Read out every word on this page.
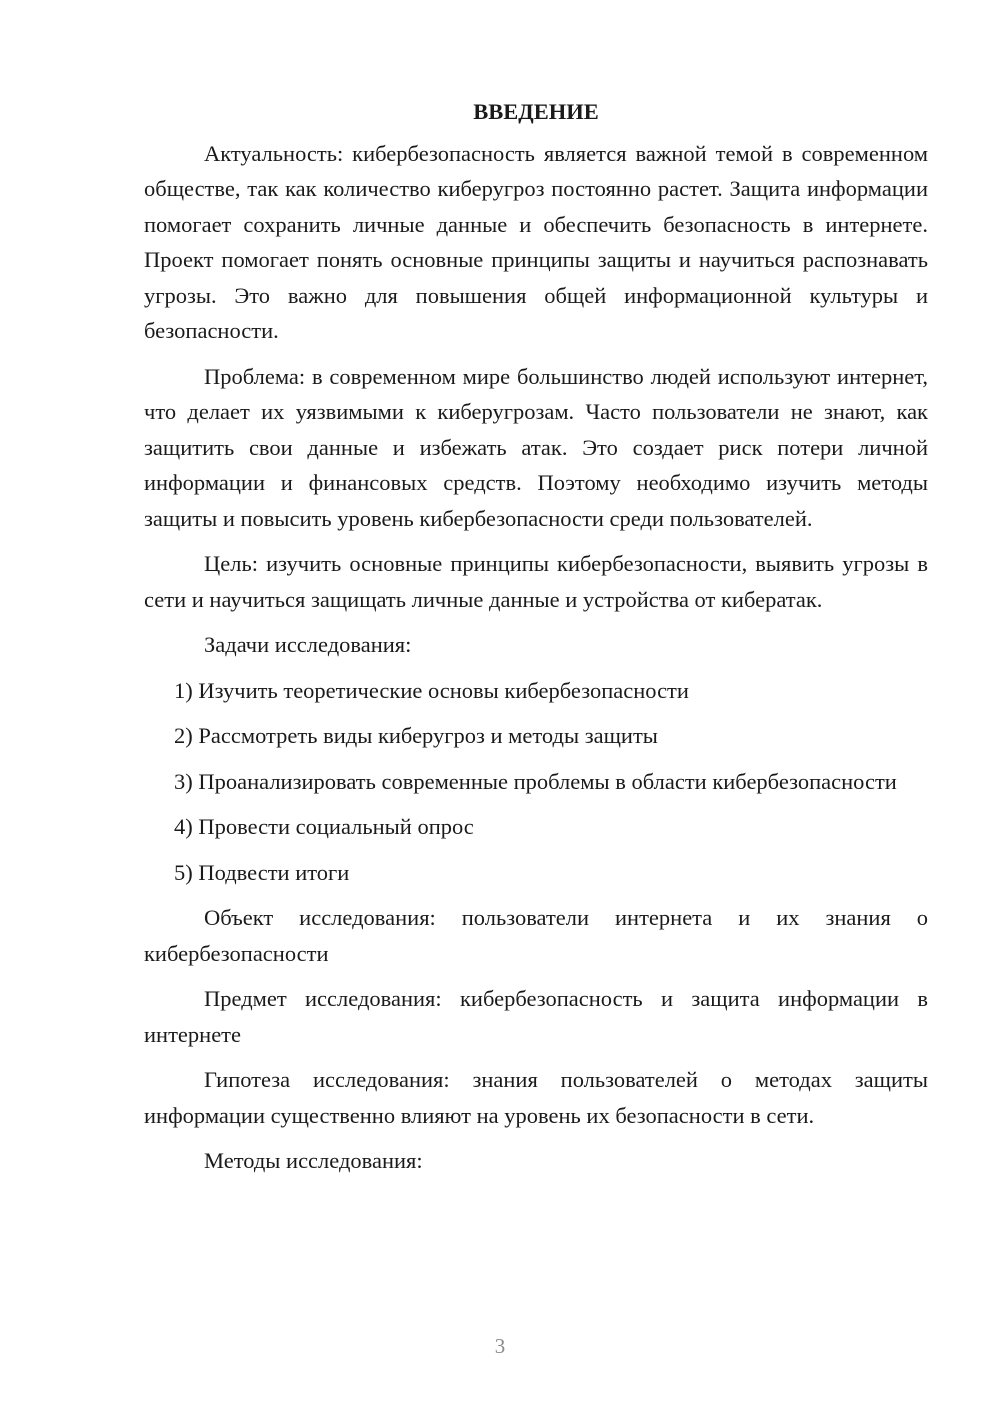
ВВЕДЕНИЕ

Актуальность: кибербезопасность является важной темой в современном обществе, так как количество киберугроз постоянно растет. Защита информации помогает сохранить личные данные и обеспечить безопасность в интернете. Проект помогает понять основные принципы защиты и научиться распознавать угрозы. Это важно для повышения общей информационной культуры и безопасности.

Проблема: в современном мире большинство людей используют интернет, что делает их уязвимыми к киберугрозам. Часто пользователи не знают, как защитить свои данные и избежать атак. Это создает риск потери личной информации и финансовых средств. Поэтому необходимо изучить методы защиты и повысить уровень кибербезопасности среди пользователей.

Цель: изучить основные принципы кибербезопасности, выявить угрозы в сети и научиться защищать личные данные и устройства от кибератак.

Задачи исследования:

1) Изучить теоретические основы кибербезопасности

2) Рассмотреть виды киберугроз и методы защиты

3) Проанализировать современные проблемы в области кибербезопасности

4) Провести социальный опрос

5) Подвести итоги

Объект исследования: пользователи интернета и их знания о кибербезопасности

Предмет исследования: кибербезопасность и защита информации в интернете

Гипотеза исследования: знания пользователей о методах защиты информации существенно влияют на уровень их безопасности в сети.

Методы исследования:

3
